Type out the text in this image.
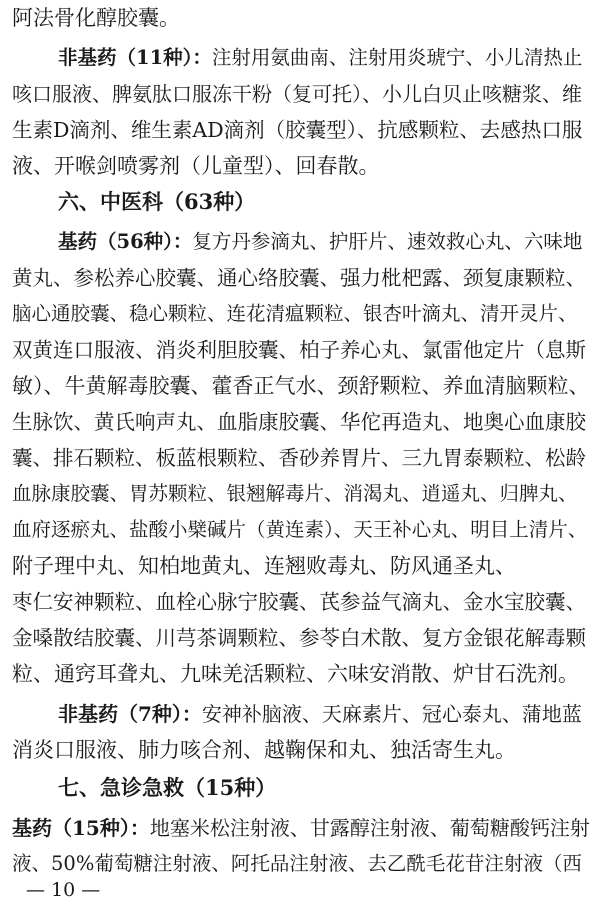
阿法骨化醇胶囊。
非基药（11种）：注射用氨曲南、注射用炎琥宁、小儿清热止
咳口服液、脾氨肽口服冻干粉（复可托）、小儿白贝止咳糖浆、维
生素D滴剂、维生素AD滴剂（胶囊型）、抗感颗粒、去感热口服
液、开喉剑喷雾剂（儿童型）、回春散。
六、中医科（63种）
基药（56种）：复方丹参滴丸、护肝片、速效救心丸、六味地
黄丸、参松养心胶囊、通心络胶囊、强力枇杷露、颈复康颗粒、
脑心通胶囊、稳心颗粒、连花清瘟颗粒、银杏叶滴丸、清开灵片、
双黄连口服液、消炎利胆胶囊、柏子养心丸、氯雷他定片（息斯
敏）、牛黄解毒胶囊、藿香正气水、颈舒颗粒、养血清脑颗粒、
生脉饮、黄氏响声丸、血脂康胶囊、华佗再造丸、地奥心血康胶
囊、排石颗粒、板蓝根颗粒、香砂养胃片、三九胃泰颗粒、松龄
血脉康胶囊、胃苏颗粒、银翘解毒片、消渴丸、逍遥丸、归脾丸、
血府逐瘀丸、盐酸小檗碱片（黄连素）、天王补心丸、明目上清片、
附子理中丸、知柏地黄丸、连翘败毒丸、防风通圣丸、
枣仁安神颗粒、血栓心脉宁胶囊、芪参益气滴丸、金水宝胶囊、
金嗓散结胶囊、川芎茶调颗粒、参苓白术散、复方金银花解毒颗
粒、通窍耳聋丸、九味羌活颗粒、六味安消散、炉甘石洗剂。
非基药（7种）：安神补脑液、天麻素片、冠心泰丸、蒲地蓝
消炎口服液、肺力咳合剂、越鞠保和丸、独活寄生丸。
七、急诊急救（15种）
基药（15种）：地塞米松注射液、甘露醇注射液、葡萄糖酸钙注射
液、50%葡萄糖注射液、阿托品注射液、去乙酰毛花苷注射液（西
— 10 —
